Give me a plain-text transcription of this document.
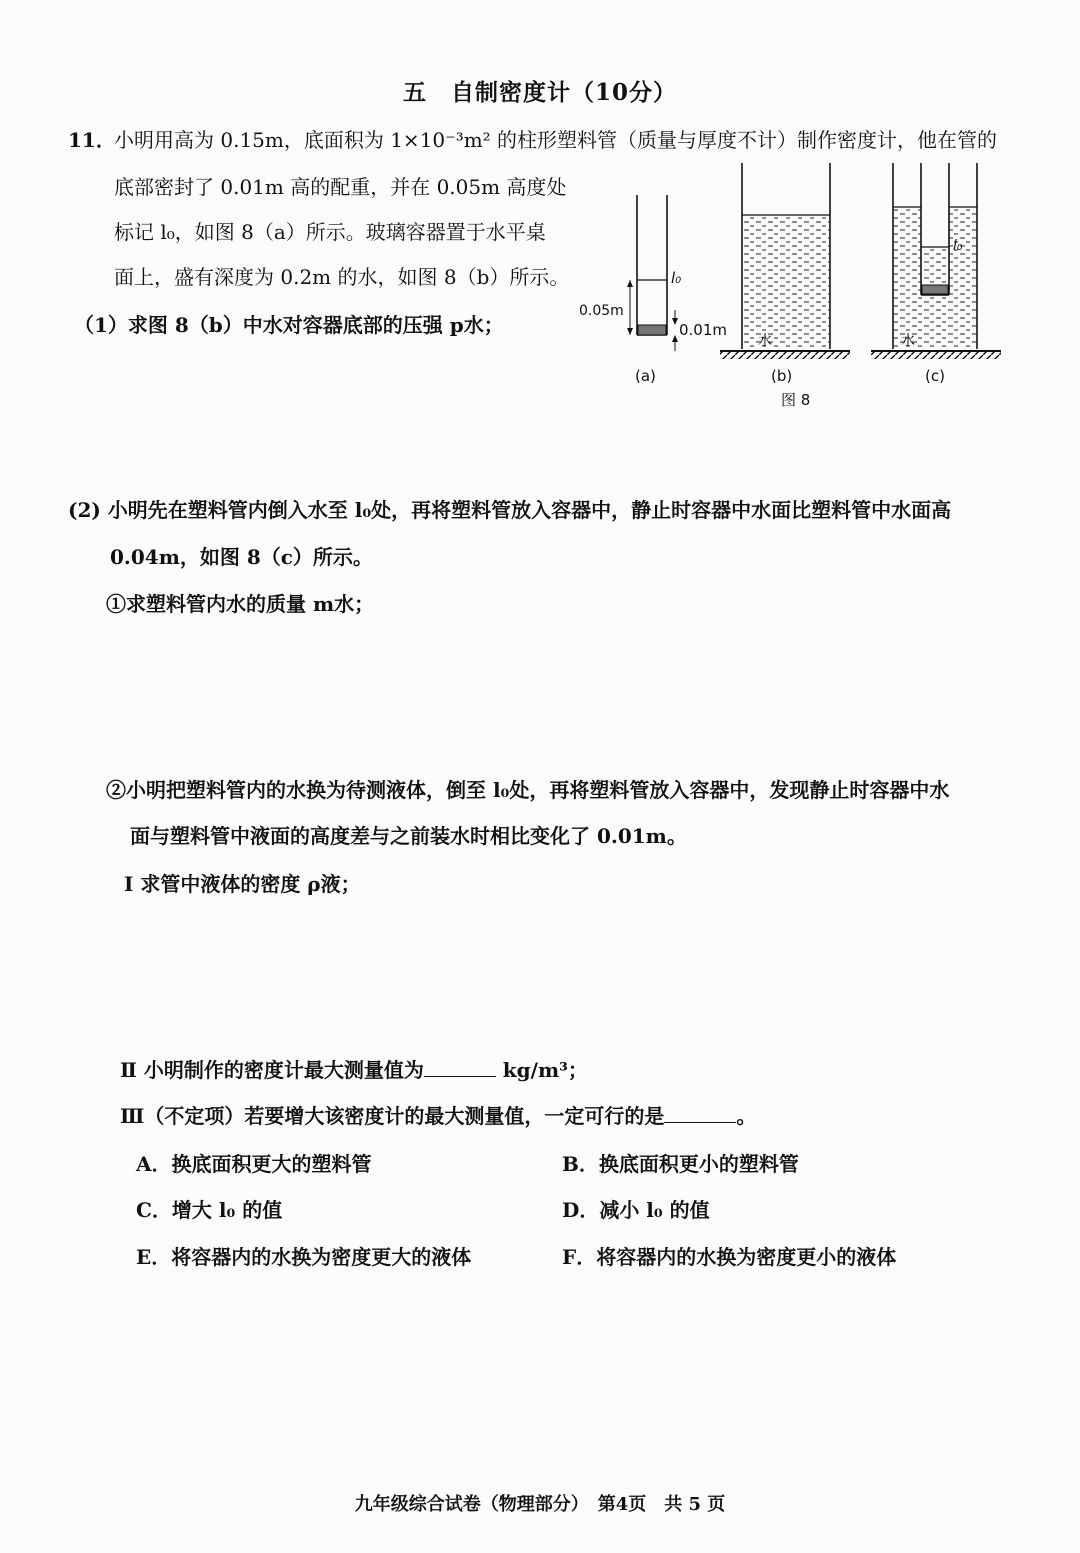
五　自制密度计（10分）
11．
小明用高为 0.15m，底面积为 1×10⁻³m² 的柱形塑料管（质量与厚度不计）制作密度计，他在管的
底部密封了 0.01m 高的配重，并在 0.05m 高度处
标记 l₀，如图 8（a）所示。玻璃容器置于水平桌
面上，盛有深度为 0.2m 的水，如图 8（b）所示。
（1）求图 8（b）中水对容器底部的压强 p水；
l₀
0.05m
0.01m
(a)
水
(b)
l₀
水
(c)
图 8
(2) 小明先在塑料管内倒入水至 l₀处，再将塑料管放入容器中，静止时容器中水面比塑料管中水面高
0.04m，如图 8（c）所示。
①求塑料管内水的质量 m水；
②小明把塑料管内的水换为待测液体，倒至 l₀处，再将塑料管放入容器中，发现静止时容器中水
面与塑料管中液面的高度差与之前装水时相比变化了 0.01m。
Ⅰ 求管中液体的密度 ρ液；
Ⅱ 小明制作的密度计最大测量值为	kg/m³；
Ⅲ（不定项）若要增大该密度计的最大测量值，一定可行的是	。
A．换底面积更大的塑料管	B．换底面积更小的塑料管
C．增大 l₀ 的值	D．减小 l₀ 的值
E．将容器内的水换为密度更大的液体	F．将容器内的水换为密度更小的液体
九年级综合试卷（物理部分）　第4页　共 5 页
